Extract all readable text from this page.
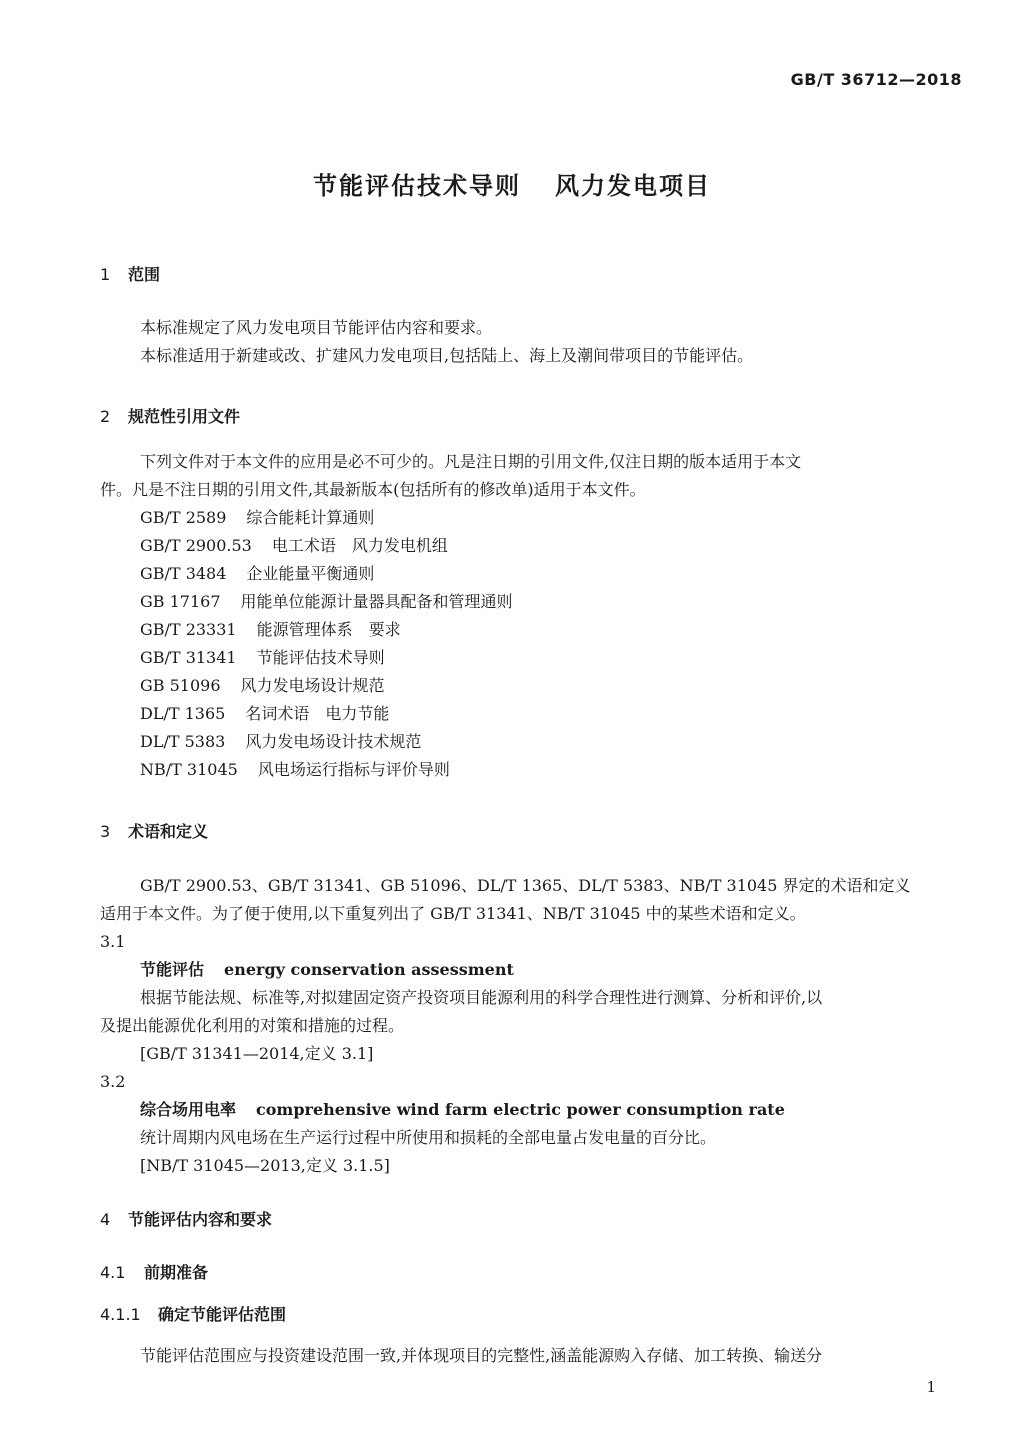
GB/T 36712—2018
节能评估技术导则 风力发电项目
1 范围
本标准规定了风力发电项目节能评估内容和要求。
本标准适用于新建或改、扩建风力发电项目,包括陆上、海上及潮间带项目的节能评估。
2 规范性引用文件
下列文件对于本文件的应用是必不可少的。凡是注日期的引用文件,仅注日期的版本适用于本文
件。凡是不注日期的引用文件,其最新版本(包括所有的修改单)适用于本文件。
GB/T 2589 综合能耗计算通则
GB/T 2900.53 电工术语　风力发电机组
GB/T 3484 企业能量平衡通则
GB 17167 用能单位能源计量器具配备和管理通则
GB/T 23331 能源管理体系　要求
GB/T 31341 节能评估技术导则
GB 51096 风力发电场设计规范
DL/T 1365 名词术语　电力节能
DL/T 5383 风力发电场设计技术规范
NB/T 31045 风电场运行指标与评价导则
3 术语和定义
GB/T 2900.53、GB/T 31341、GB 51096、DL/T 1365、DL/T 5383、NB/T 31045 界定的术语和定义
适用于本文件。为了便于使用,以下重复列出了 GB/T 31341、NB/T 31045 中的某些术语和定义。
3.1
节能评估 energy conservation assessment
根据节能法规、标准等,对拟建固定资产投资项目能源利用的科学合理性进行测算、分析和评价,以
及提出能源优化利用的对策和措施的过程。
[GB/T 31341—2014,定义 3.1]
3.2
综合场用电率 comprehensive wind farm electric power consumption rate
统计周期内风电场在生产运行过程中所使用和损耗的全部电量占发电量的百分比。
[NB/T 31045—2013,定义 3.1.5]
4 节能评估内容和要求
4.1 前期准备
4.1.1 确定节能评估范围
节能评估范围应与投资建设范围一致,并体现项目的完整性,涵盖能源购入存储、加工转换、输送分
1
